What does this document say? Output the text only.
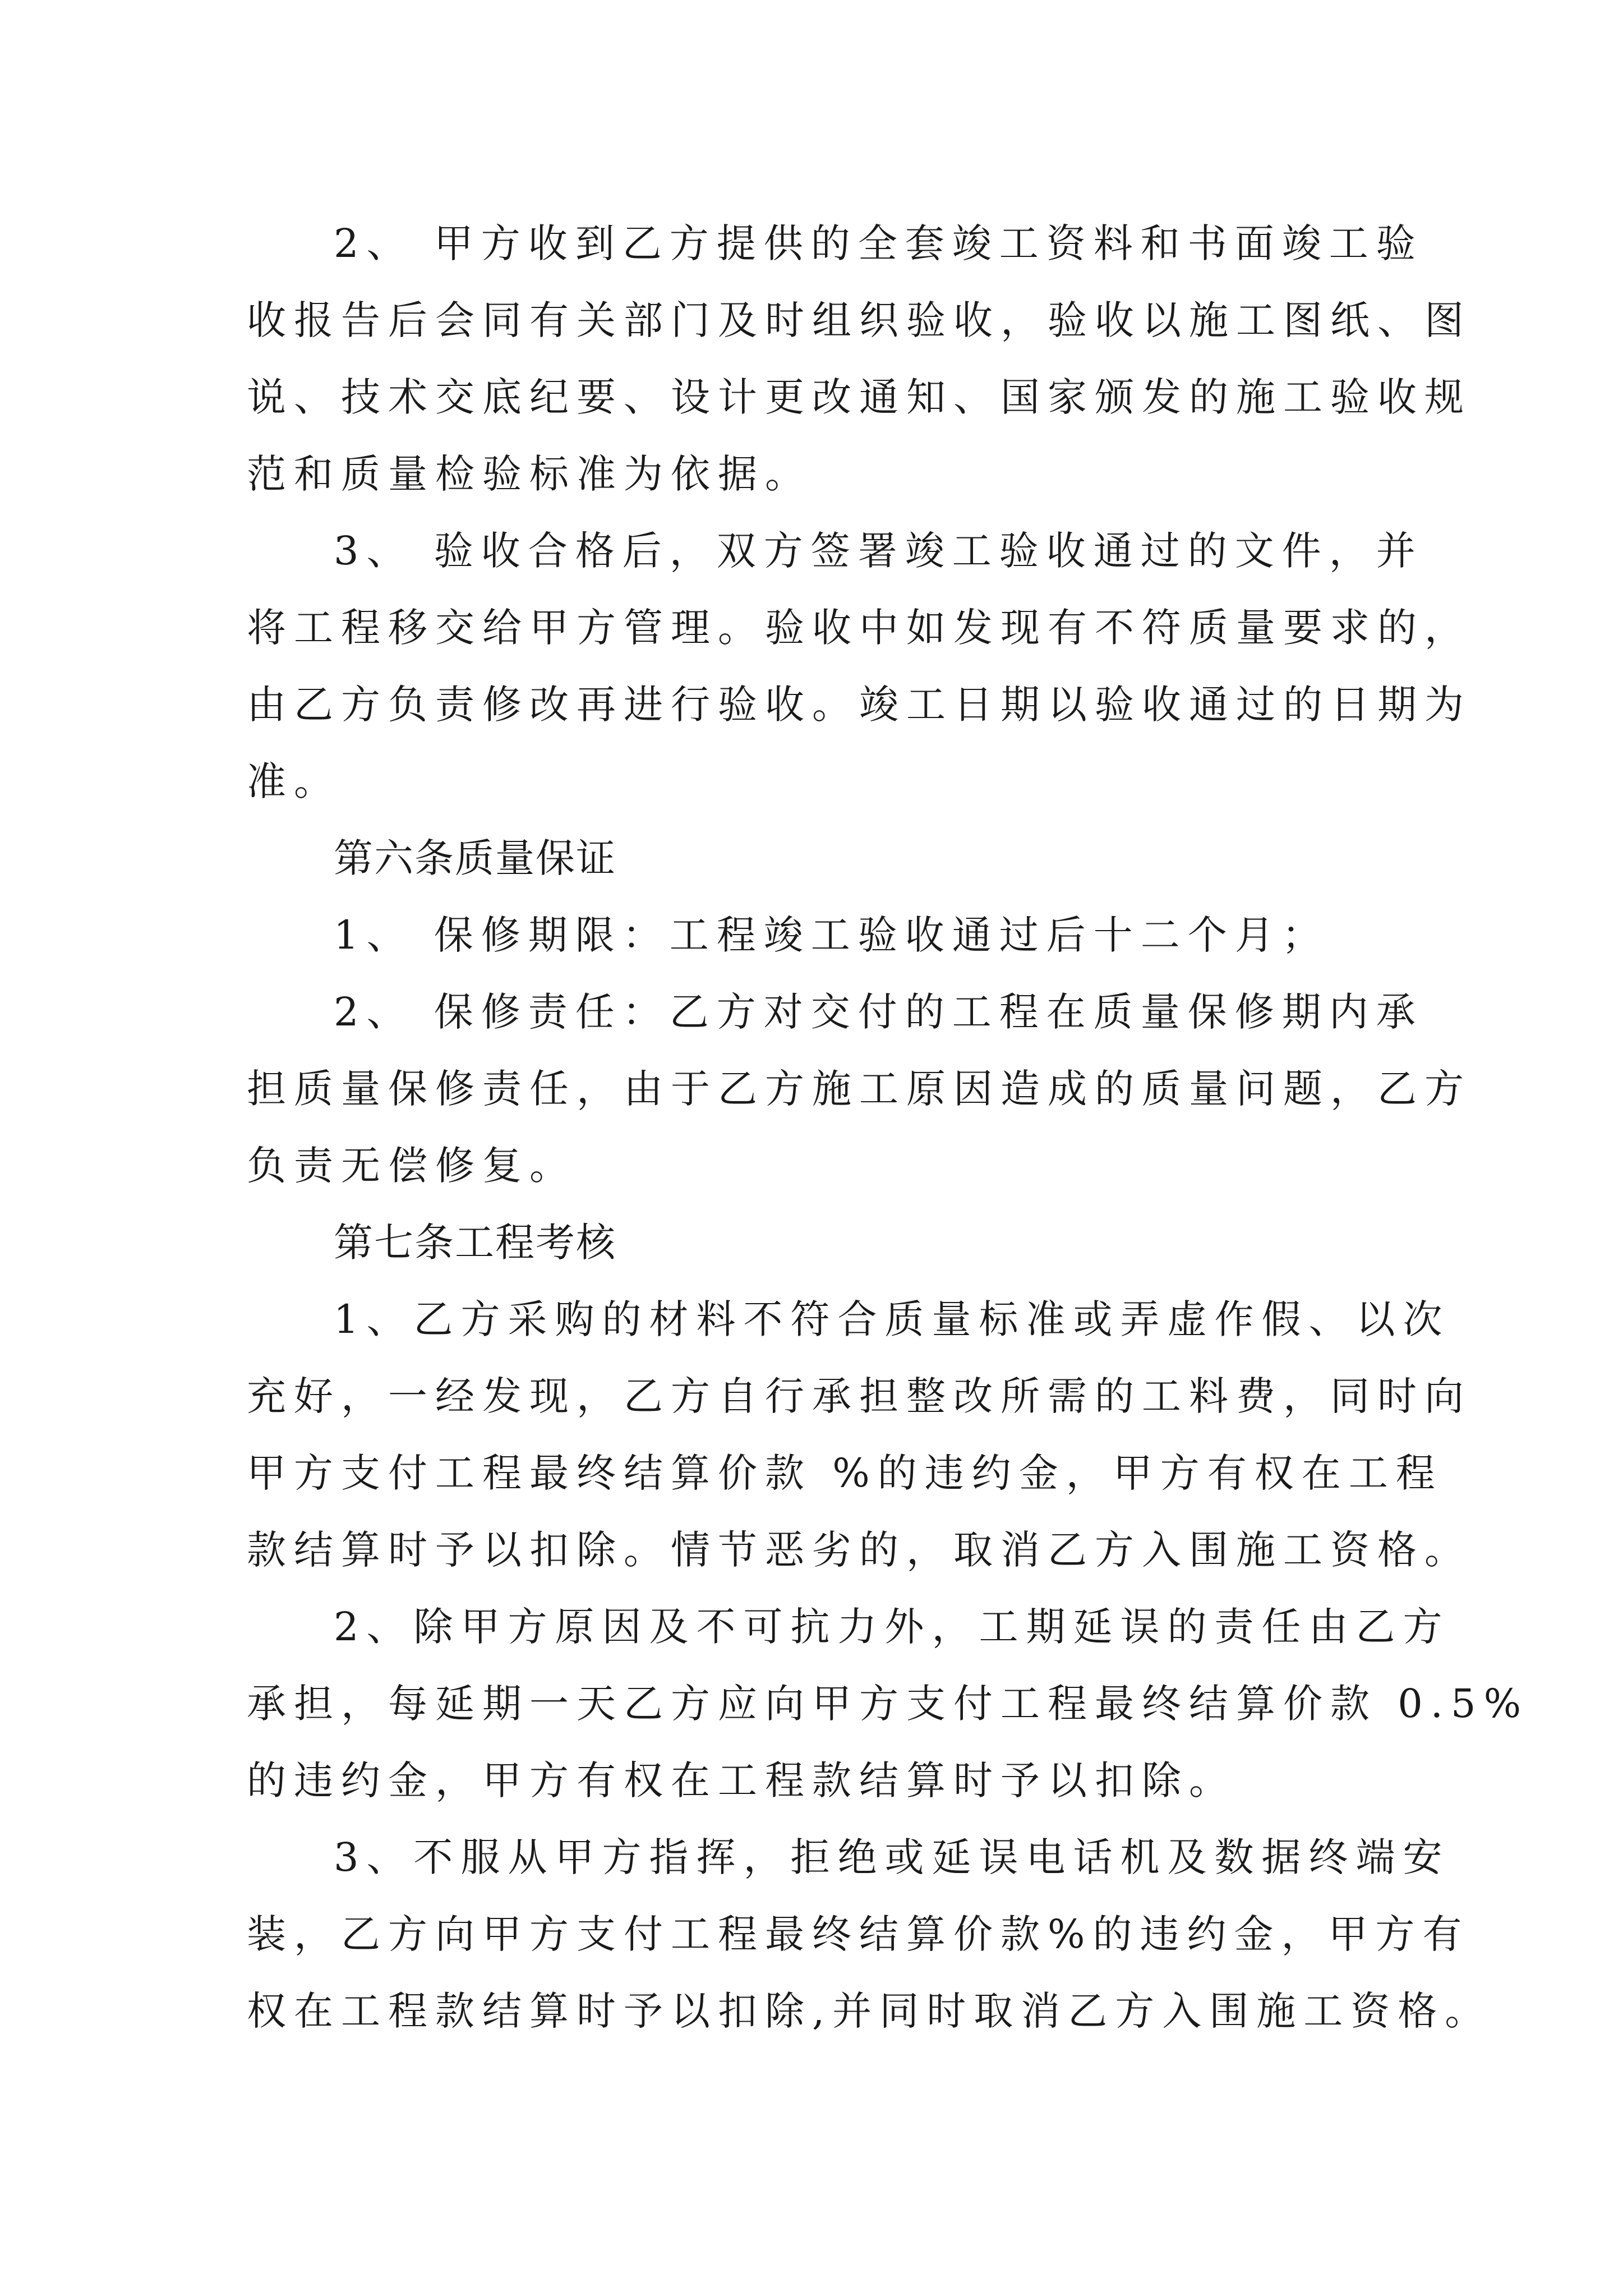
2、 甲方收到乙方提供的全套竣工资料和书面竣工验
收报告后会同有关部门及时组织验收，验收以施工图纸、图
说、技术交底纪要、设计更改通知、国家颁发的施工验收规
范和质量检验标准为依据。
3、 验收合格后，双方签署竣工验收通过的文件，并
将工程移交给甲方管理。验收中如发现有不符质量要求的，
由乙方负责修改再进行验收。竣工日期以验收通过的日期为
准。
第六条质量保证
1、 保修期限：工程竣工验收通过后十二个月；
2、 保修责任：乙方对交付的工程在质量保修期内承
担质量保修责任，由于乙方施工原因造成的质量问题，乙方
负责无偿修复。
第七条工程考核
1、乙方采购的材料不符合质量标准或弄虚作假、以次
充好，一经发现，乙方自行承担整改所需的工料费，同时向
甲方支付工程最终结算价款 %的违约金，甲方有权在工程
款结算时予以扣除。情节恶劣的，取消乙方入围施工资格。
2、除甲方原因及不可抗力外，工期延误的责任由乙方
承担，每延期一天乙方应向甲方支付工程最终结算价款 0.5%
的违约金，甲方有权在工程款结算时予以扣除。
3、不服从甲方指挥，拒绝或延误电话机及数据终端安
装，乙方向甲方支付工程最终结算价款%的违约金，甲方有
权在工程款结算时予以扣除,并同时取消乙方入围施工资格。
